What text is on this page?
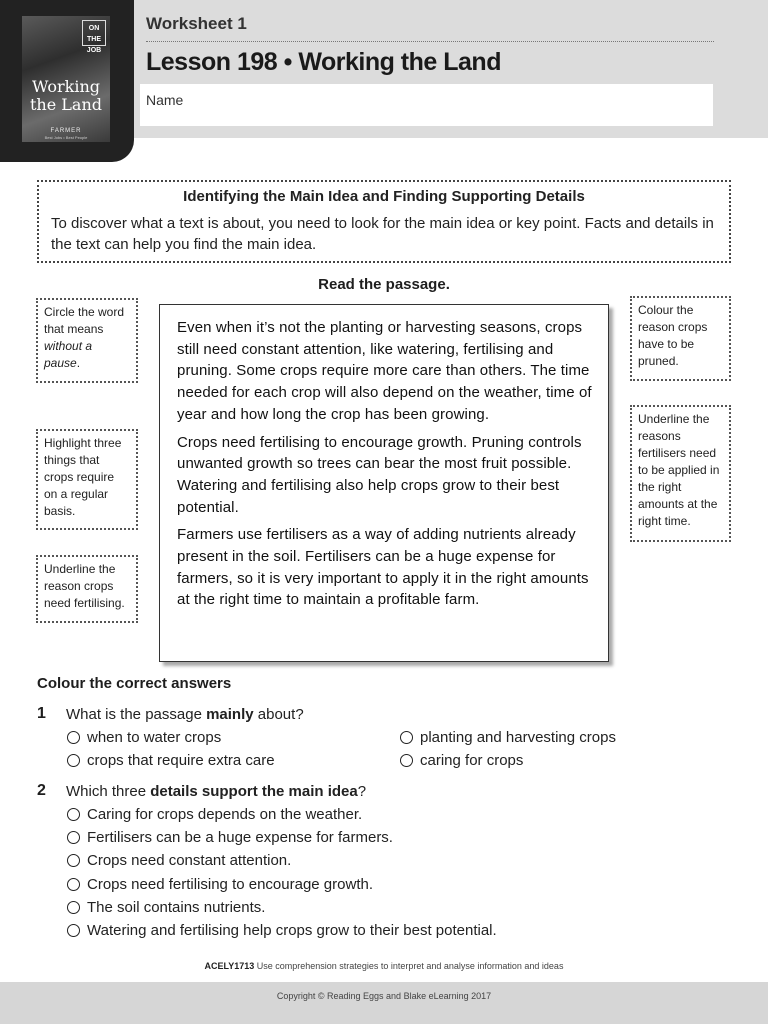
ON THE JOB
Working
the Land
FARMER
Best Jobs • Best People
Worksheet 1
Lesson 198 • Working the Land
Name
Identifying the Main Idea and Finding Supporting Details

To discover what a text is about, you need to look for the main idea or key point. Facts and details in the text can help you find the main idea.

Read the passage.
Circle the word that means without a pause.
Highlight three things that crops require on a regular basis.
Underline the reason crops need fertilising.
Colour the reason crops have to be pruned.
Underline the reasons fertilisers need to be applied in the right amounts at the right time.

Even when it’s not the planting or harvesting seasons, crops still need constant attention, like watering, fertilising and pruning. Some crops require more care than others. The time needed for each crop will also depend on the weather, time of year and how long the crop has been growing.

Crops need fertilising to encourage growth. Pruning controls unwanted growth so trees can bear the most fruit possible. Watering and fertilising also help crops grow to their best potential.

Farmers use fertilisers as a way of adding nutrients already present in the soil. Fertilisers can be a huge expense for farmers, so it is very important to apply it in the right amounts at the right time to maintain a profitable farm.

Colour the correct answers
1 What is the passage mainly about?
when to water crops
crops that require extra care
planting and harvesting crops
caring for crops
2 Which three details support the main idea?
Caring for crops depends on the weather.
Fertilisers can be a huge expense for farmers.
Crops need constant attention.
Crops need fertilising to encourage growth.
The soil contains nutrients.
Watering and fertilising help crops grow to their best potential.
ACELY1713 Use comprehension strategies to interpret and analyse information and ideas
Copyright © Reading Eggs and Blake eLearning 2017
